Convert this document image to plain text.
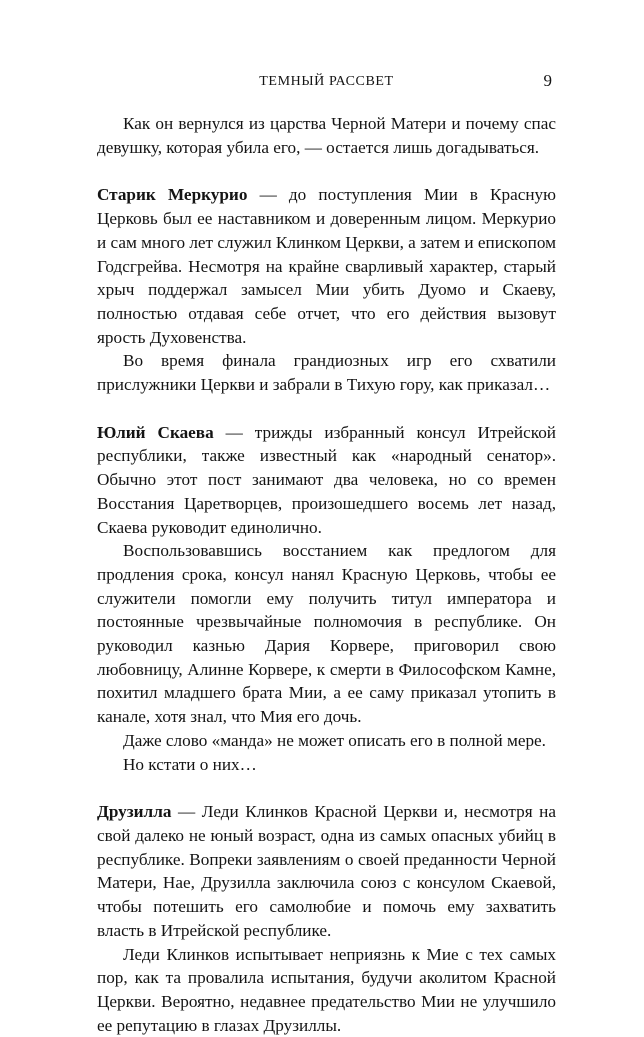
ТЕМНЫЙ РАССВЕТ	9

Как он вернулся из царства Черной Матери и почему спас девушку, которая убила его, — остается лишь догадываться.

Старик Меркурио — до поступления Мии в Красную Церковь был ее наставником и доверенным лицом. Меркурио и сам много лет служил Клинком Церкви, а затем и епископом Годсгрейва. Несмотря на крайне сварливый характер, старый хрыч поддержал замысел Мии убить Дуомо и Скаеву, полностью отдавая себе отчет, что его действия вызовут ярость Духовенства.

Во время финала грандиозных игр его схватили прислужники Церкви и забрали в Тихую гору, как приказал…

Юлий Скаева — трижды избранный консул Итрейской республики, также известный как «народный сенатор». Обычно этот пост занимают два человека, но со времен Восстания Царетворцев, произошедшего восемь лет назад, Скаева руководит единолично.

Воспользовавшись восстанием как предлогом для продления срока, консул нанял Красную Церковь, чтобы ее служители помогли ему получить титул императора и постоянные чрезвычайные полномочия в республике. Он руководил казнью Дария Корвере, приговорил свою любовницу, Алинне Корвере, к смерти в Философском Камне, похитил младшего брата Мии, а ее саму приказал утопить в канале, хотя знал, что Мия его дочь.

Даже слово «манда» не может описать его в полной мере.

Но кстати о них…

Друзилла — Леди Клинков Красной Церкви и, несмотря на свой далеко не юный возраст, одна из самых опасных убийц в республике. Вопреки заявлениям о своей преданности Черной Матери, Нае, Друзилла заключила союз с консулом Скаевой, чтобы потешить его самолюбие и помочь ему захватить власть в Итрейской республике.

Леди Клинков испытывает неприязнь к Мие с тех самых пор, как та провалила испытания, будучи аколитом Красной Церкви. Вероятно, недавнее предательство Мии не улучшило ее репутацию в глазах Друзиллы.
